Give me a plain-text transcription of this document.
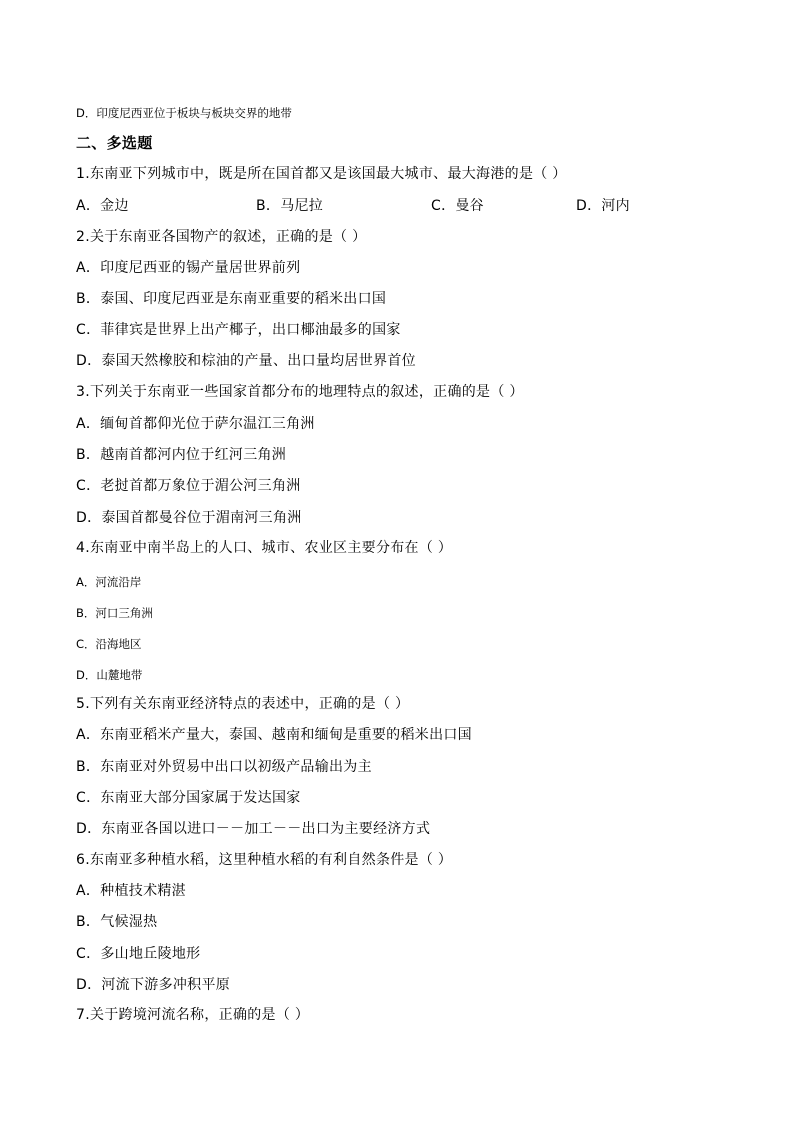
D．印度尼西亚位于板块与板块交界的地带
二、多选题
1.东南亚下列城市中，既是所在国首都又是该国最大城市、最大海港的是（ ）
A．金边	B．马尼拉	C．曼谷	D．河内
2.关于东南亚各国物产的叙述，正确的是（ ）
A．印度尼西亚的锡产量居世界前列
B．泰国、印度尼西亚是东南亚重要的稻米出口国
C．菲律宾是世界上出产椰子，出口椰油最多的国家
D．泰国天然橡胶和棕油的产量、出口量均居世界首位
3.下列关于东南亚一些国家首都分布的地理特点的叙述，正确的是（ ）
A．缅甸首都仰光位于萨尔温江三角洲
B．越南首都河内位于红河三角洲
C．老挝首都万象位于湄公河三角洲
D．泰国首都曼谷位于湄南河三角洲
4.东南亚中南半岛上的人口、城市、农业区主要分布在（ ）
A．河流沿岸
B．河口三角洲
C．沿海地区
D．山麓地带
5.下列有关东南亚经济特点的表述中，正确的是（ ）
A．东南亚稻米产量大，泰国、越南和缅甸是重要的稻米出口国
B．东南亚对外贸易中出口以初级产品输出为主
C．东南亚大部分国家属于发达国家
D．东南亚各国以进口－－加工－－出口为主要经济方式
6.东南亚多种植水稻，这里种植水稻的有利自然条件是（ ）
A．种植技术精湛
B．气候湿热
C．多山地丘陵地形
D．河流下游多冲积平原
7.关于跨境河流名称，正确的是（ ）
